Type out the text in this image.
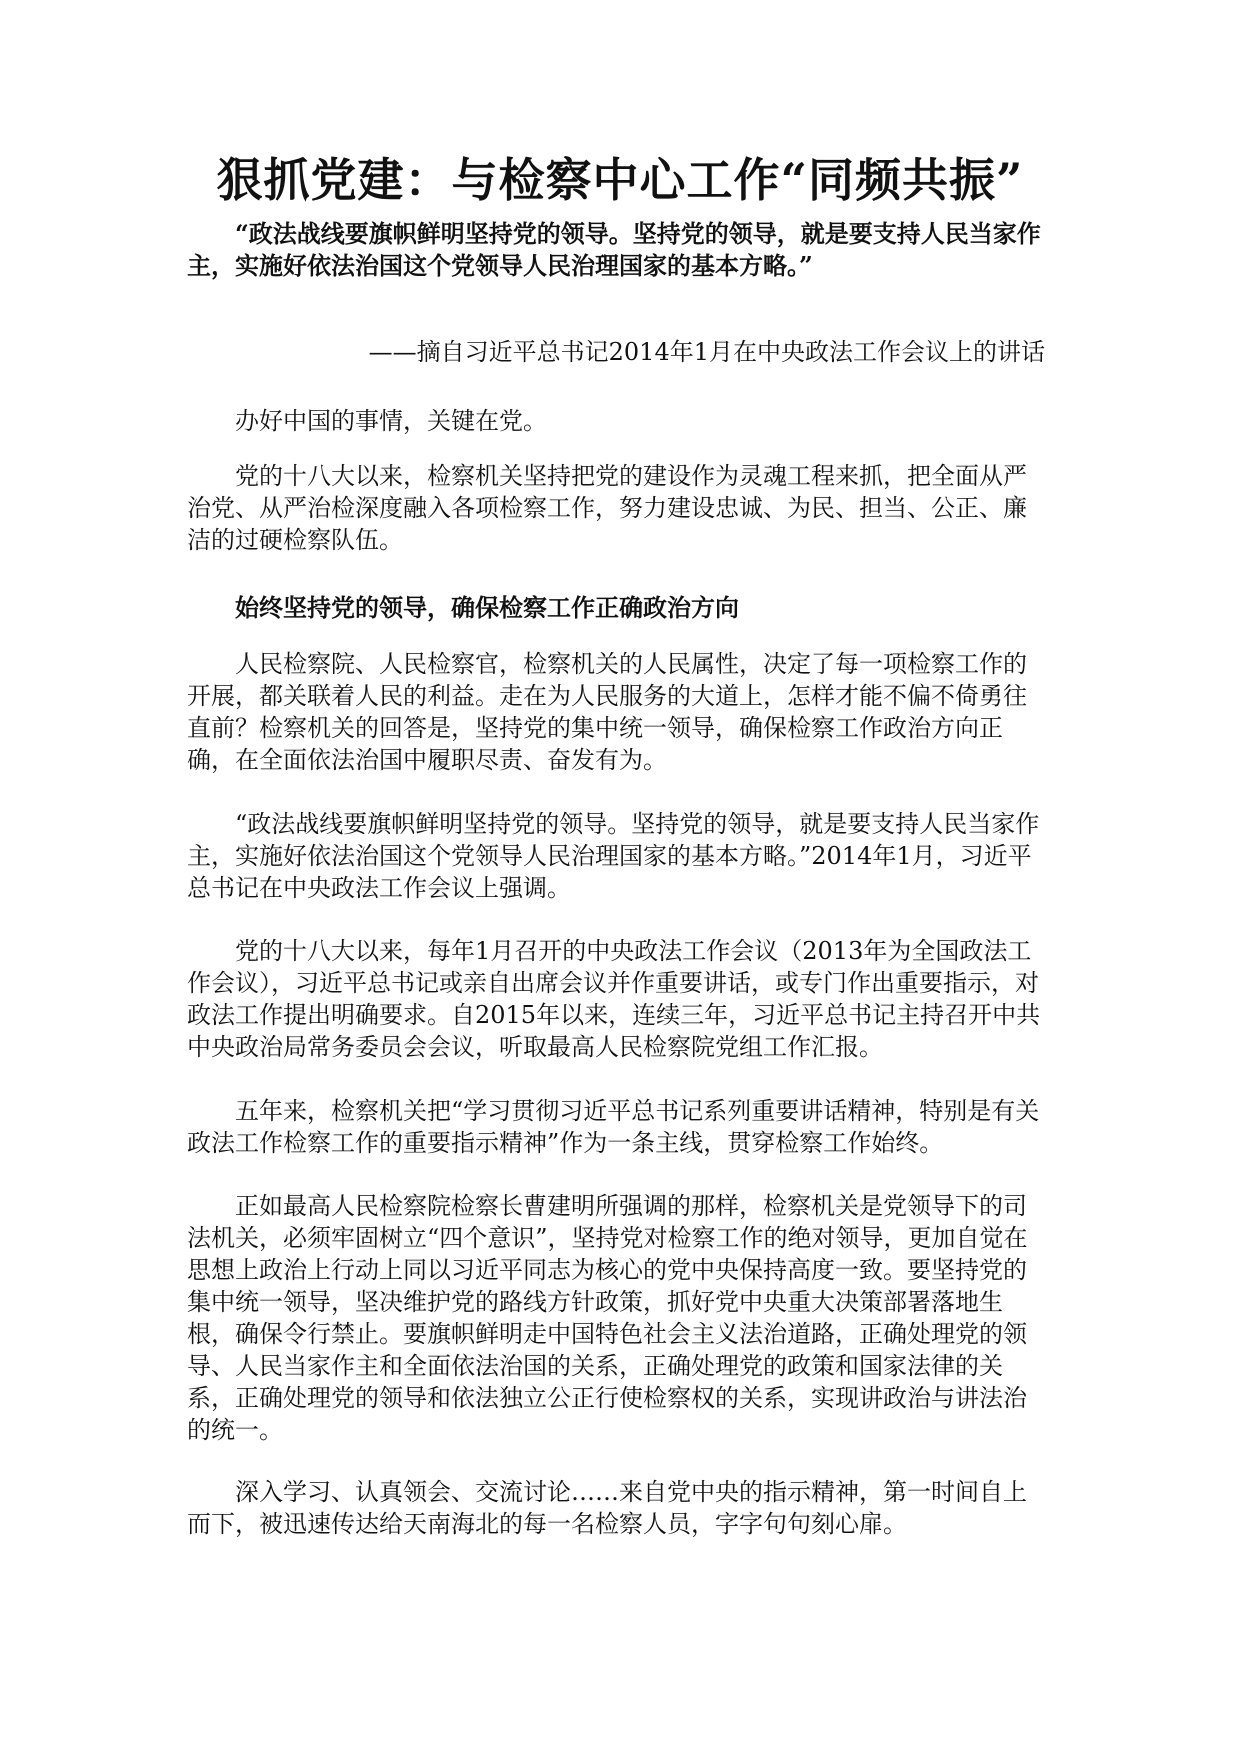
狠抓党建：与检察中心工作“同频共振”

“政法战线要旗帜鲜明坚持党的领导。坚持党的领导，就是要支持人民当家作主，实施好依法治国这个党领导人民治理国家的基本方略。”

——摘自习近平总书记2014年1月在中央政法工作会议上的讲话

办好中国的事情，关键在党。

党的十八大以来，检察机关坚持把党的建设作为灵魂工程来抓，把全面从严治党、从严治检深度融入各项检察工作，努力建设忠诚、为民、担当、公正、廉洁的过硬检察队伍。

始终坚持党的领导，确保检察工作正确政治方向

人民检察院、人民检察官，检察机关的人民属性，决定了每一项检察工作的开展，都关联着人民的利益。走在为人民服务的大道上，怎样才能不偏不倚勇往直前？检察机关的回答是，坚持党的集中统一领导，确保检察工作政治方向正确，在全面依法治国中履职尽责、奋发有为。

“政法战线要旗帜鲜明坚持党的领导。坚持党的领导，就是要支持人民当家作主，实施好依法治国这个党领导人民治理国家的基本方略。”2014年1月，习近平总书记在中央政法工作会议上强调。

党的十八大以来，每年1月召开的中央政法工作会议（2013年为全国政法工作会议），习近平总书记或亲自出席会议并作重要讲话，或专门作出重要指示，对政法工作提出明确要求。自2015年以来，连续三年，习近平总书记主持召开中共中央政治局常务委员会会议，听取最高人民检察院党组工作汇报。

五年来，检察机关把“学习贯彻习近平总书记系列重要讲话精神，特别是有关政法工作检察工作的重要指示精神”作为一条主线，贯穿检察工作始终。

正如最高人民检察院检察长曹建明所强调的那样，检察机关是党领导下的司法机关，必须牢固树立“四个意识”，坚持党对检察工作的绝对领导，更加自觉在思想上政治上行动上同以习近平同志为核心的党中央保持高度一致。要坚持党的集中统一领导，坚决维护党的路线方针政策，抓好党中央重大决策部署落地生根，确保令行禁止。要旗帜鲜明走中国特色社会主义法治道路，正确处理党的领导、人民当家作主和全面依法治国的关系，正确处理党的政策和国家法律的关系，正确处理党的领导和依法独立公正行使检察权的关系，实现讲政治与讲法治的统一。

深入学习、认真领会、交流讨论……来自党中央的指示精神，第一时间自上而下，被迅速传达给天南海北的每一名检察人员，字字句句刻心扉。
